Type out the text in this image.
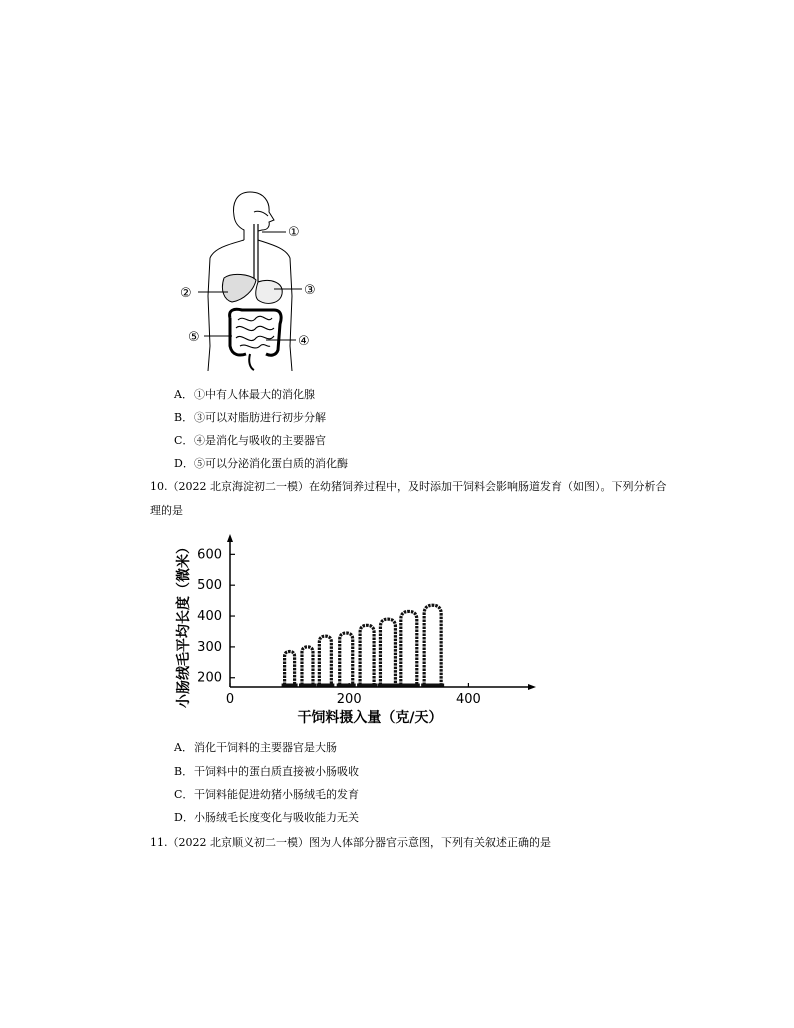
①
②	③
④
⑤
A．①中有人体最大的消化腺
B．③可以对脂肪进行初步分解
C．④是消化与吸收的主要器官
D．⑤可以分泌消化蛋白质的消化酶
10.（2022 北京海淀初二一模）在幼猪饲养过程中，及时添加干饲料会影响肠道发育（如图）。下列分析合
理的是
200
300
400
500
600
0	200	400
干饲料摄入量（克/天）
小肠绒毛平均长度（微米）
A．消化干饲料的主要器官是大肠
B．干饲料中的蛋白质直接被小肠吸收
C．干饲料能促进幼猪小肠绒毛的发育
D．小肠绒毛长度变化与吸收能力无关
11.（2022 北京顺义初二一模）图为人体部分器官示意图，下列有关叙述正确的是
